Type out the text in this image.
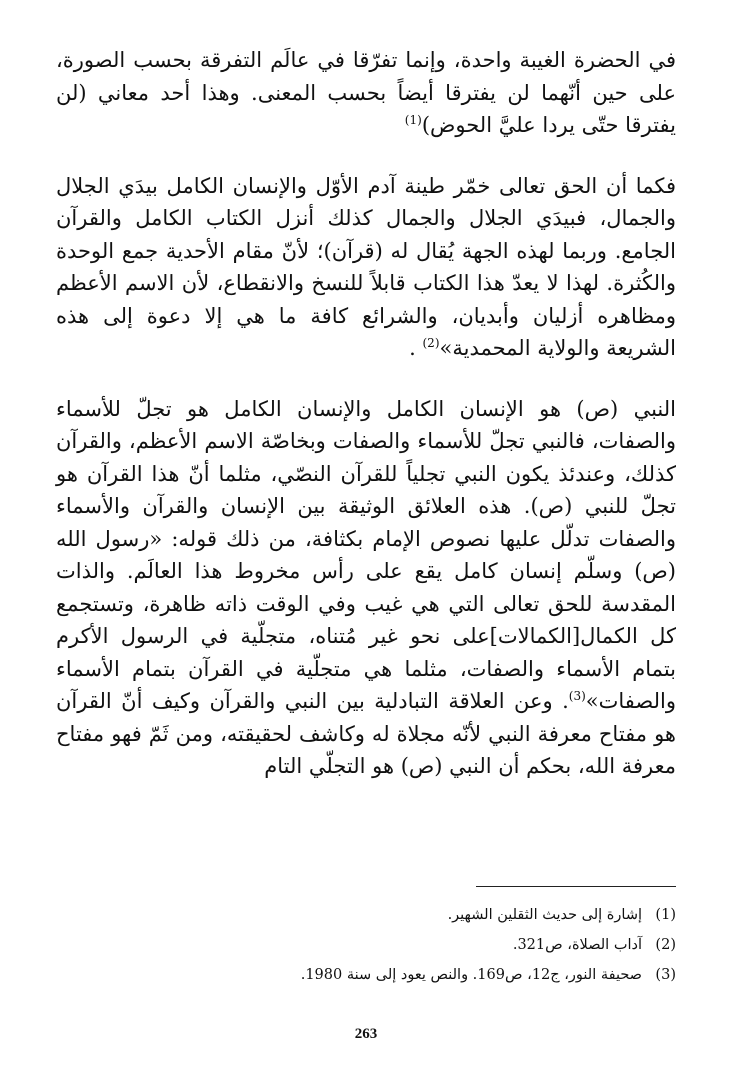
في الحضرة الغيبة واحدة، وإنما تفرّقا في عالَم التفرقة بحسب الصورة، على حين أنّهما لن يفترقا أيضاً بحسب المعنى. وهذا أحد معاني (لن يفترقا حتّى يردا عليَّ الحوض)$^{(1)}$

فكما أن الحق تعالى خمّر طينة آدم الأوّل والإنسان الكامل بيدَي الجلال والجمال، فبيدَي الجلال والجمال كذلك أنزل الكتاب الكامل والقرآن الجامع. وربما لهذه الجهة يُقال له (قرآن)؛ لأنّ مقام الأحدية جمع الوحدة والكُثرة. لهذا لا يعدّ هذا الكتاب قابلاً للنسخ والانقطاع، لأن الاسم الأعظم ومظاهره أزليان وأبديان، والشرائع كافة ما هي إلا دعوة إلى هذه الشريعة والولاية المحمدية»$^{(2)}$ .

النبي (ص) هو الإنسان الكامل والإنسان الكامل هو تجلّ للأسماء والصفات، فالنبي تجلّ للأسماء والصفات وبخاصّة الاسم الأعظم، والقرآن كذلك، وعندئذ يكون النبي تجلياً للقرآن النصّي، مثلما أنّ هذا القرآن هو تجلّ للنبي (ص). هذه العلائق الوثيقة بين الإنسان والقرآن والأسماء والصفات تدلّل عليها نصوص الإمام بكثافة، من ذلك قوله: «رسول الله (ص) وسلّم إنسان كامل يقع على رأس مخروط هذا العالَم. والذات المقدسة للحق تعالى التي هي غيب وفي الوقت ذاته ظاهرة، وتستجمع كل الكمال[الكمالات]على نحو غير مُتناه، متجلّية في الرسول الأكرم بتمام الأسماء والصفات، مثلما هي متجلّية في القرآن بتمام الأسماء والصفات»$^{(3)}$. وعن العلاقة التبادلية بين النبي والقرآن وكيف أنّ القرآن هو مفتاح معرفة النبي لأنّه مجلاة له وكاشف لحقيقته، ومن ثَمّ فهو مفتاح معرفة الله، بحكم أن النبي (ص) هو التجلّي التام

(1)
إشارة إلى حديث الثقلين الشهير.
(2)
آداب الصلاة، ص321.
(3)
صحيفة النور، ج12، ص169. والنص يعود إلى سنة 1980.
263
